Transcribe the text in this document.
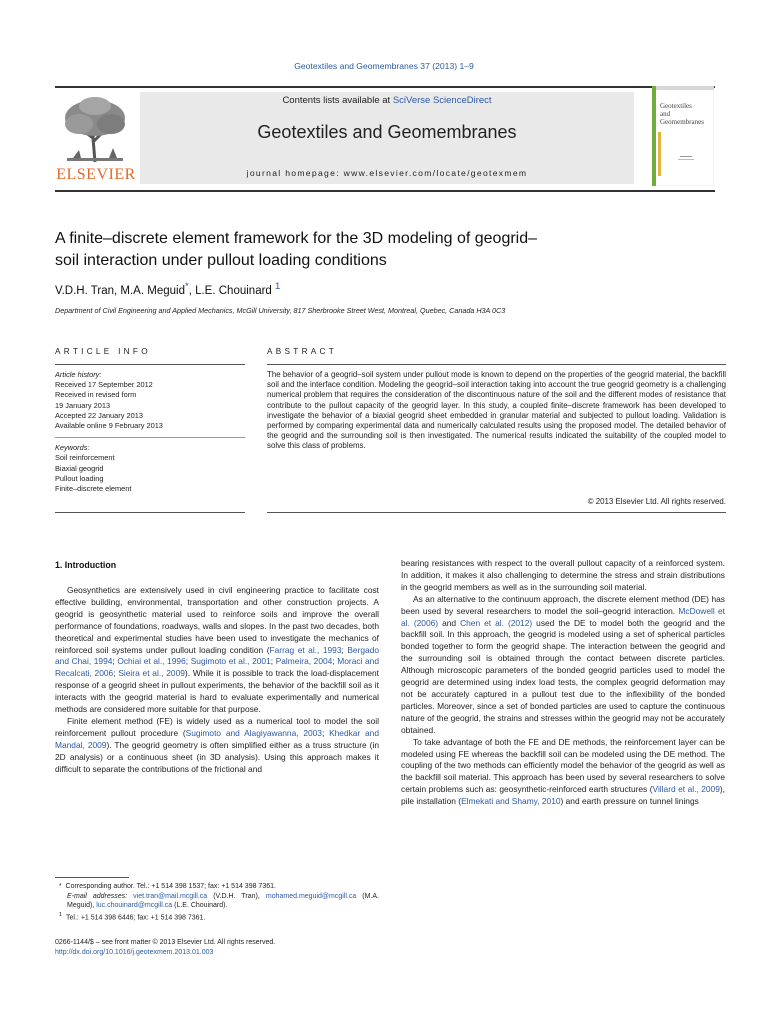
Geotextiles and Geomembranes 37 (2013) 1–9
ELSEVIER
Contents lists available at SciVerse ScienceDirect
Geotextiles and Geomembranes
journal homepage: www.elsevier.com/locate/geotexmem
Geotextiles
and
Geomembranes
A finite–discrete element framework for the 3D modeling of geogrid–
soil interaction under pullout loading conditions
V.D.H. Tran, M.A. Meguid*, L.E. Chouinard $^1$
Department of Civil Engineering and Applied Mechanics, McGill University, 817 Sherbrooke Street West, Montreal, Quebec, Canada H3A 0C3
ARTICLE INFO	ABSTRACT
Article history:
Received 17 September 2012
Received in revised form
19 January 2013
Accepted 22 January 2013
Available online 9 February 2013
Keywords:
Soil reinforcement
Biaxial geogrid
Pullout loading
Finite–discrete element
The behavior of a geogrid–soil system under pullout mode is known to depend on the properties of the geogrid material, the backfill soil and the interface condition. Modeling the geogrid–soil interaction taking into account the true geogrid geometry is a challenging numerical problem that requires the consideration of the discontinuous nature of the soil and the different modes of resistance that contribute to the pullout capacity of the geogrid layer. In this study, a coupled finite–discrete framework has been developed to investigate the behavior of a biaxial geogrid sheet embedded in granular material and subjected to pullout loading. Validation is performed by comparing experimental data and numerically calculated results using the proposed model. The detailed behavior of the geogrid and the surrounding soil is then investigated. The numerical results indicated the suitability of the coupled model to solve this class of problems.
© 2013 Elsevier Ltd. All rights reserved.
1. Introduction

Geosynthetics are extensively used in civil engineering practice to facilitate cost effective building, environmental, transportation and other construction projects. A geogrid is geosynthetic material used to reinforce soils and improve the overall performance of foundations, roadways, walls and slopes. In the past two decades, both theoretical and experimental studies have been used to investigate the mechanics of reinforced soil systems under pullout loading condition (Farrag et al., 1993; Bergado and Chai, 1994; Ochiai et al., 1996; Sugimoto et al., 2001; Palmeira, 2004; Moraci and Recalcati, 2006; Sieira et al., 2009). While it is possible to track the load-displacement response of a geogrid sheet in pullout experiments, the behavior of the backfill soil as it interacts with the geogrid material is hard to evaluate experimentally and numerical methods are considered more suitable for that purpose.

Finite element method (FE) is widely used as a numerical tool to model the soil reinforcement pullout procedure (Sugimoto and Alagiyawanna, 2003; Khedkar and Mandal, 2009). The geogrid geometry is often simplified either as a truss structure (in 2D analysis) or a continuous sheet (in 3D analysis). Using this approach makes it difficult to separate the contributions of the frictional and

bearing resistances with respect to the overall pullout capacity of a reinforced system. In addition, it makes it also challenging to determine the stress and strain distributions in the geogrid members as well as in the surrounding soil material.

As an alternative to the continuum approach, the discrete element method (DE) has been used by several researchers to model the soil–geogrid interaction. McDowell et al. (2006) and Chen et al. (2012) used the DE to model both the geogrid and the backfill soil. In this approach, the geogrid is modeled using a set of spherical particles bonded together to form the geogrid shape. The interaction between the geogrid and the surrounding soil is obtained through the contact between discrete particles. Although microscopic parameters of the bonded geogrid particles used to model the geogrid are determined using index load tests, the complex geogrid deformation may not be accurately captured in a pullout test due to the inflexibility of the bonded particles. Moreover, since a set of bonded particles are used to capture the continuous nature of the geogrid, the strains and stresses within the geogrid may not be accurately obtained.

To take advantage of both the FE and DE methods, the reinforcement layer can be modeled using FE whereas the backfill soil can be modeled using the DE method. The coupling of the two methods can efficiently model the behavior of the geogrid as well as the backfill soil material. This approach has been used by several researchers to solve certain problems such as: geosynthetic-reinforced earth structures (Villard et al., 2009), pile installation (Elmekati and Shamy, 2010) and earth pressure on tunnel linings

* Corresponding author. Tel.: +1 514 398 1537; fax: +1 514 398 7361.
E-mail addresses: viet.tran@mail.mcgill.ca (V.D.H. Tran), mohamed.meguid@mcgill.ca (M.A. Meguid), luc.chouinard@mcgill.ca (L.E. Chouinard).
$^1$ Tel.: +1 514 398 6446; fax: +1 514 398 7361.
0266-1144/$ – see front matter © 2013 Elsevier Ltd. All rights reserved.
http://dx.doi.org/10.1016/j.geotexmem.2013.01.003
